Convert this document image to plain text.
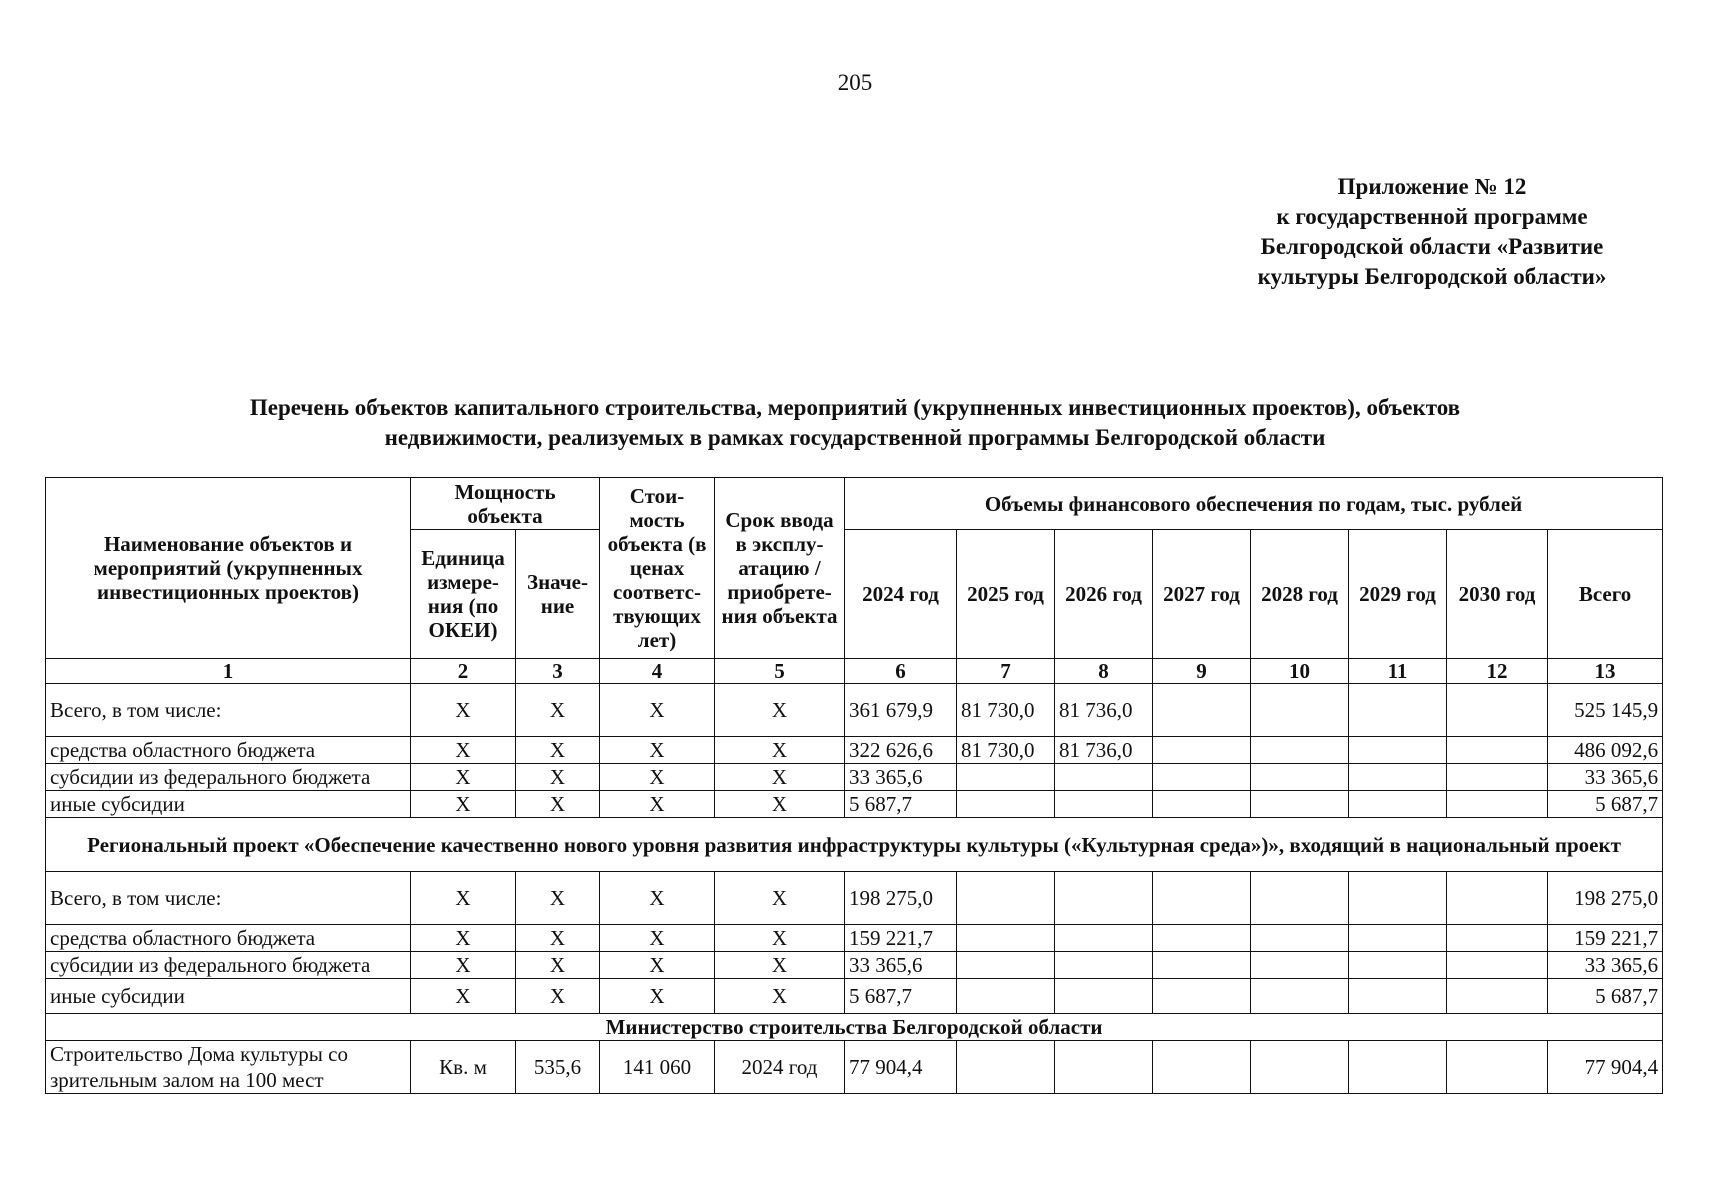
205
Приложение № 12
к государственной программе
Белгородской области «Развитие
культуры Белгородской области»
Перечень объектов капитального строительства, мероприятий (укрупненных инвестиционных проектов), объектов
недвижимости, реализуемых в рамках государственной программы Белгородской области
Наименование объектов и мероприятий (укрупненных инвестиционных проектов)	Мощность объекта		Стои-мость объекта (в ценах соответс-твующих лет)	Срок ввода в эксплу-атацию / приобрете-ния объекта	Объемы финансового обеспечения по годам, тыс. рублей							
	Единица измере-ния (по ОКЕИ)	Значе-ние			2024 год	2025 год	2026 год	2027 год	2028 год	2029 год	2030 год	Всего
1	2	3	4	5	6	7	8	9	10	11	12	13
Всего, в том числе:	X	X	X	X	361 679,9	81 730,0	81 736,0					525 145,9
средства областного бюджета	X	X	X	X	322 626,6	81 730,0	81 736,0					486 092,6
субсидии из федерального бюджета	X	X	X	X	33 365,6							33 365,6
иные субсидии	X	X	X	X	5 687,7							5 687,7
Региональный проект «Обеспечение качественно нового уровня развития инфраструктуры культуры («Культурная среда»)», входящий в национальный проект												
Всего, в том числе:	X	X	X	X	198 275,0							198 275,0
средства областного бюджета	X	X	X	X	159 221,7							159 221,7
субсидии из федерального бюджета	X	X	X	X	33 365,6							33 365,6
иные субсидии	X	X	X	X	5 687,7							5 687,7
Министерство строительства Белгородской области												
Строительство Дома культуры со зрительным залом на 100 мест	Кв. м	535,6	141 060	2024 год	77 904,4							77 904,4
